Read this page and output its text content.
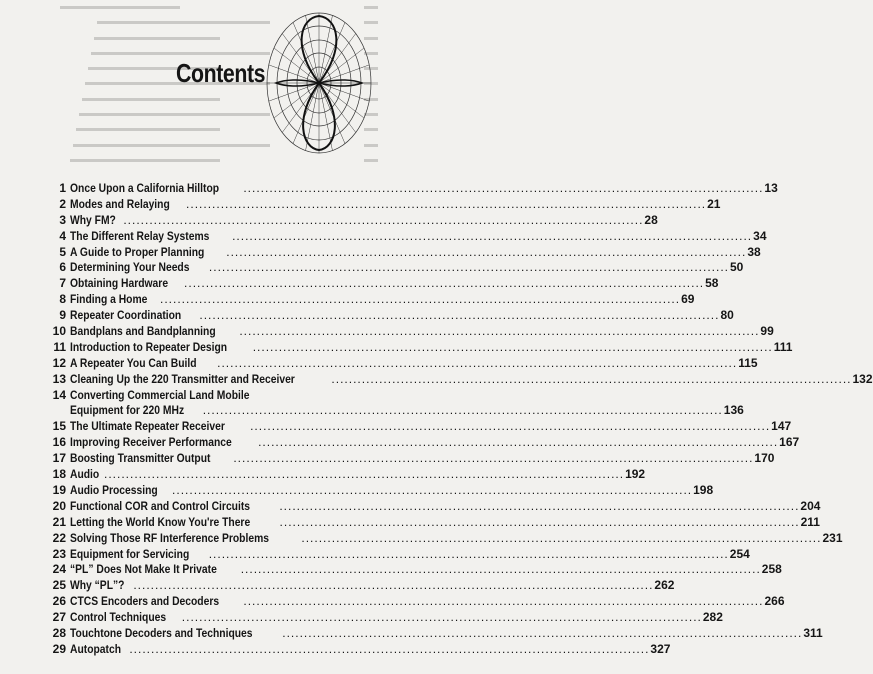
Contents
1 Once Upon a California Hilltop ........................................................................................................................ 13
2 Modes and Relaying ........................................................................................................................ 21
3 Why FM? ........................................................................................................................ 28
4 The Different Relay Systems ........................................................................................................................ 34
5 A Guide to Proper Planning ........................................................................................................................ 38
6 Determining Your Needs ........................................................................................................................ 50
7 Obtaining Hardware ........................................................................................................................ 58
8 Finding a Home ........................................................................................................................ 69
9 Repeater Coordination ........................................................................................................................ 80
10 Bandplans and Bandplanning ........................................................................................................................ 99
11 Introduction to Repeater Design ........................................................................................................................ 111
12 A Repeater You Can Build ........................................................................................................................ 115
13 Cleaning Up the 220 Transmitter and Receiver	........................................................................................................................ 132
14 Converting Commercial Land Mobile
Equipment for 220 MHz ........................................................................................................................ 136
15 The Ultimate Repeater Receiver ........................................................................................................................ 147
16 Improving Receiver Performance ........................................................................................................................ 167
17 Boosting Transmitter Output ........................................................................................................................ 170
18 Audio ........................................................................................................................ 192
19 Audio Processing ........................................................................................................................ 198
20 Functional COR and Control Circuits ........................................................................................................................ 204
21 Letting the World Know You're There ........................................................................................................................ 211
22 Solving Those RF Interference Problems	........................................................................................................................ 231
23 Equipment for Servicing ........................................................................................................................ 254
24 “PL” Does Not Make It Private ........................................................................................................................ 258
25 Why “PL”? ........................................................................................................................ 262
26 CTCS Encoders and Decoders ........................................................................................................................ 266
27 Control Techniques ........................................................................................................................ 282
28 Touchtone Decoders and Techniques ........................................................................................................................ 311
29 Autopatch ........................................................................................................................ 327
